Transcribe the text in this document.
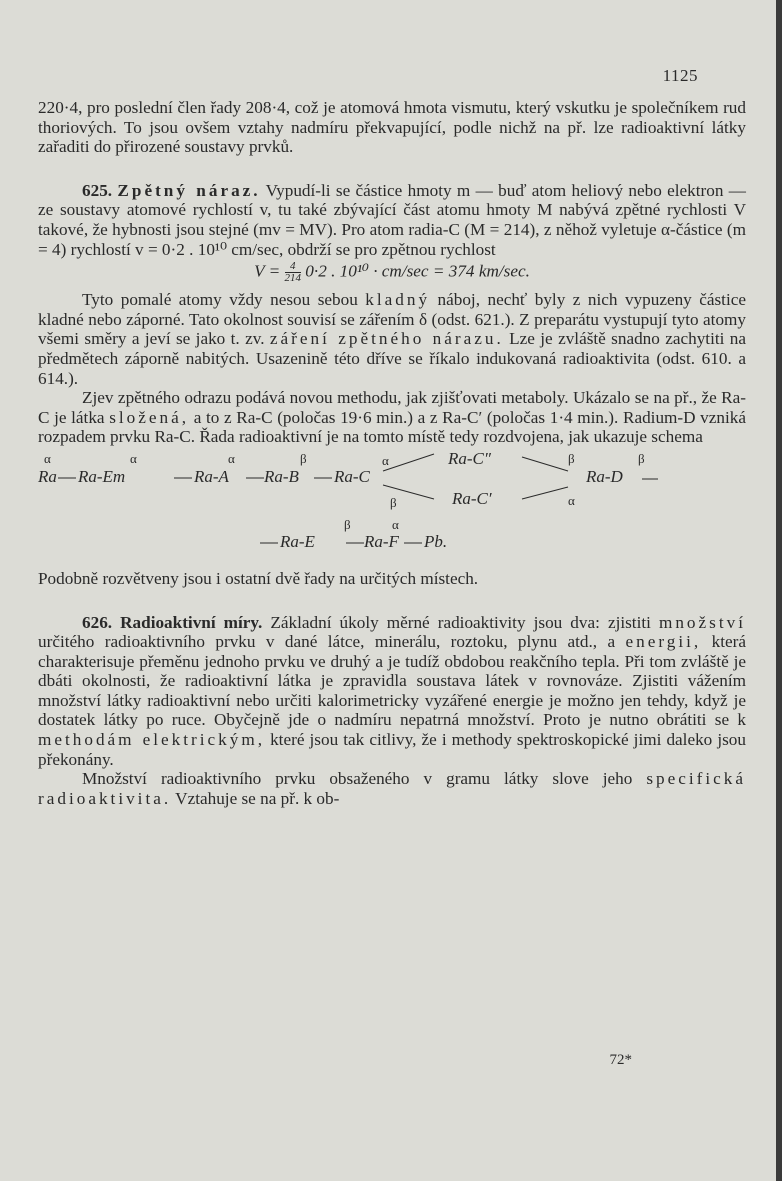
1125

220·4, pro poslední člen řady 208·4, což je atomová hmota vismutu, který vskutku je společníkem rud thoriových. To jsou ovšem vztahy nadmíru překvapující, podle nichž na př. lze radioaktivní látky zařaditi do přirozené soustavy prvků.

625. Zpětný náraz. Vypudí-li se částice hmoty m — buď atom heliový nebo elektron — ze soustavy atomové rychlostí v, tu také zbývající část atomu hmoty M nabývá zpětné rychlosti V takové, že hybnosti jsou stejné (mv = MV). Pro atom radia-C (M = 214), z něhož vyletuje α-částice (m = 4) rychlostí v = 0·2 . 10¹⁰ cm/sec, obdrží se pro zpětnou rychlost

$V = \frac{4}{214} 0\cdot 2$ . 10¹⁰ · cm/sec = 374 km/sec.

Tyto pomalé atomy vždy nesou sebou kladný náboj, nechť byly z nich vypuzeny částice kladné nebo záporné. Tato okolnost souvisí se zářením δ (odst. 621.). Z preparátu vystupují tyto atomy všemi směry a jeví se jako t. zv. záření zpětného nárazu. Lze je zvláště snadno zachytiti na předmětech záporně nabitých. Usazenině této dříve se říkalo indukovaná radioaktivita (odst. 610. a 614.).

Zjev zpětného odrazu podává novou methodu, jak zjišťovati metaboly. Ukázalo se na př., že Ra-C je látka složená, a to z Ra-C (poločas 19·6 min.) a z Ra-C′ (poločas 1·4 min.). Radium-D vzniká rozpadem prvku Ra-C. Řada radioaktivní je na tomto místě tedy rozdvojena, jak ukazuje schema

Ra Ra-Em	Ra-A Ra-B Ra-C
Ra-C″
Ra-C′
Ra-D
Ra-E	Ra-F Pb.
α	α	α	β	α
β
β
α
β
β	α

Podobně rozvětveny jsou i ostatní dvě řady na určitých místech.

626. Radioaktivní míry. Základní úkoly měrné radioaktivity jsou dva: zjistiti množství určitého radioaktivního prvku v dané látce, minerálu, roztoku, plynu atd., a energii, která charakterisuje přeměnu jednoho prvku ve druhý a je tudíž obdobou reakčního tepla. Při tom zvláště je dbáti okolnosti, že radioaktivní látka je zpravidla soustava látek v rovnováze. Zjistiti vážením množství látky radioaktivní nebo určiti kalorimetricky vyzářené energie je možno jen tehdy, když je dostatek látky po ruce. Obyčejně jde o nadmíru nepatrná množství. Proto je nutno obrátiti se k methodám elektrickým, které jsou tak citlivy, že i methody spektroskopické jimi daleko jsou překonány.

Množství radioaktivního prvku obsaženého v gramu látky slove jeho specifická radioaktivita. Vztahuje se na př. k ob-

72*
